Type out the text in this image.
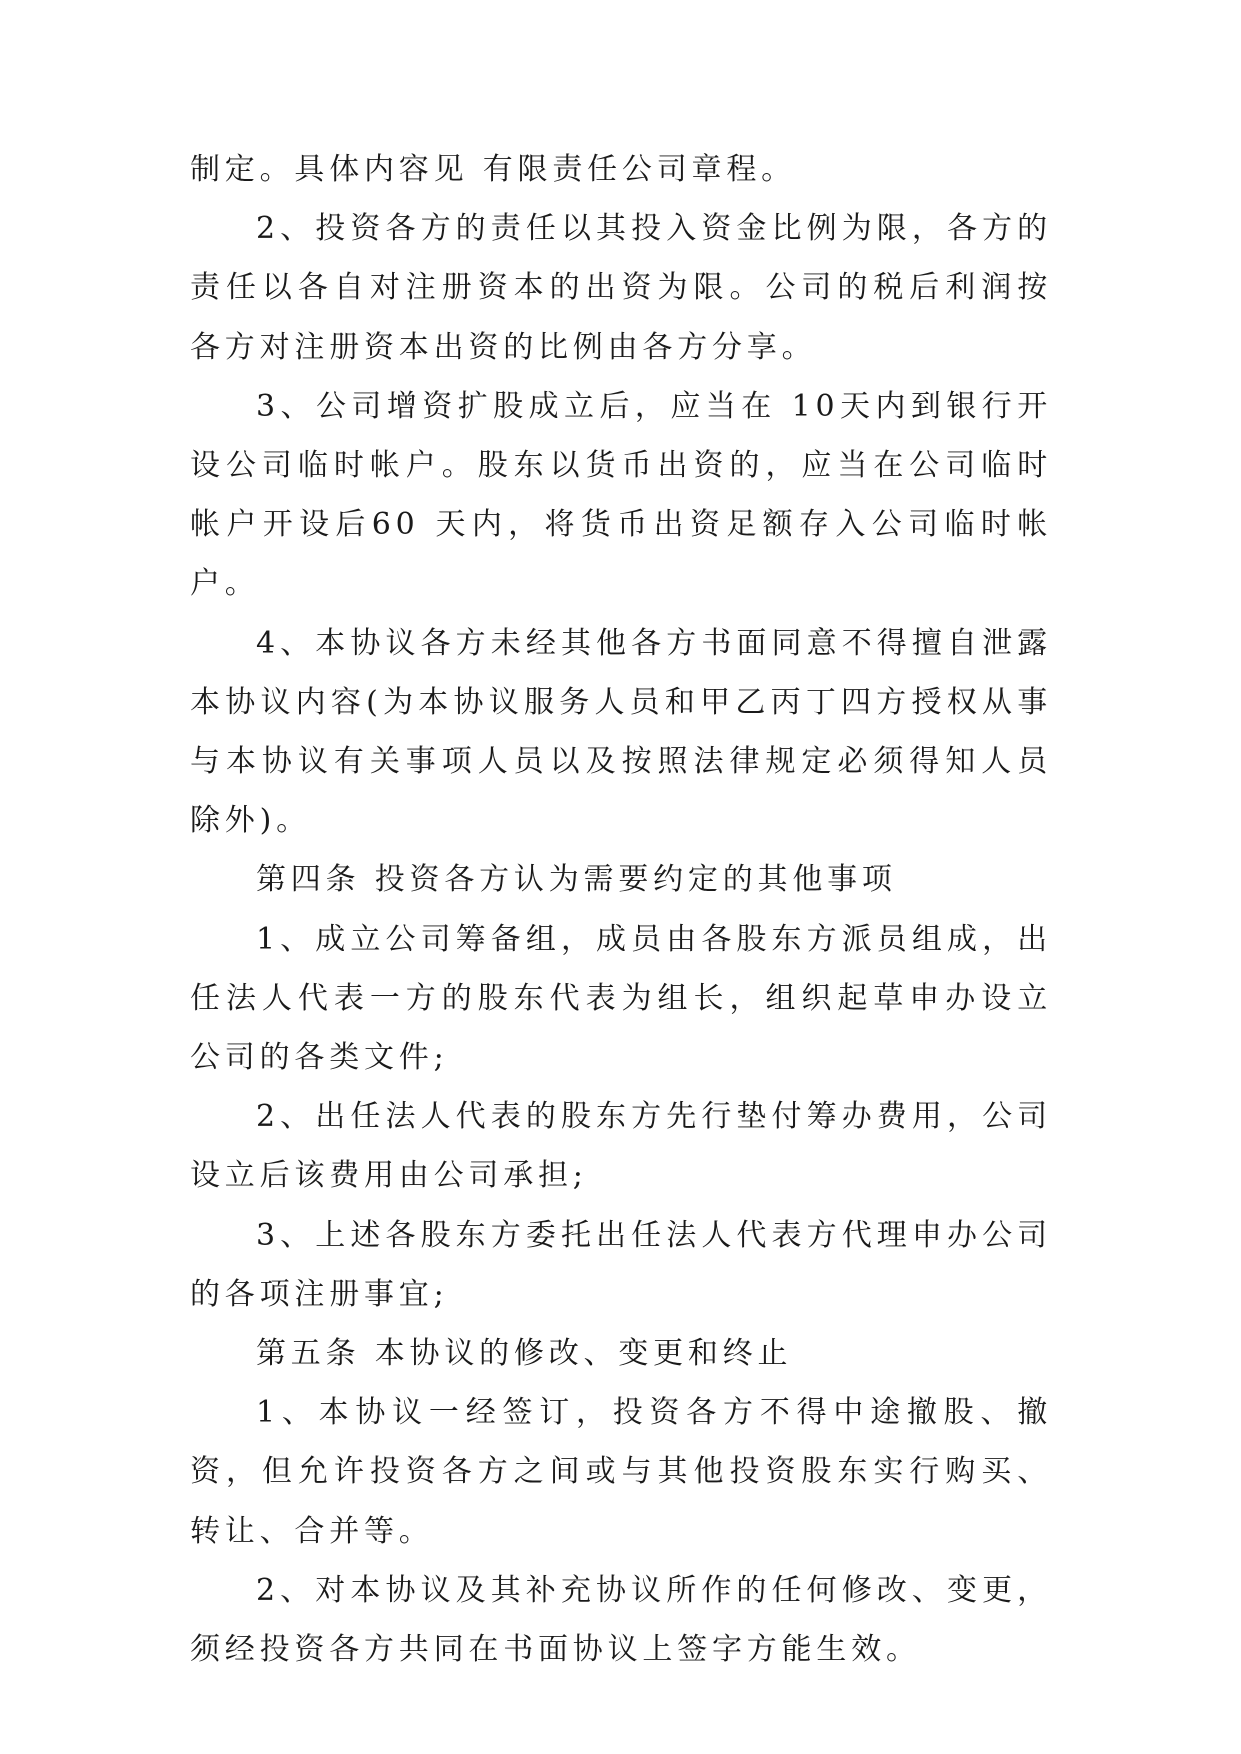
制定。具体内容见 有限责任公司章程。

2、投资各方的责任以其投入资金比例为限，各方的责任以各自对注册资本的出资为限。公司的税后利润按各方对注册资本出资的比例由各方分享。

3、公司增资扩股成立后，应当在 10天内到银行开设公司临时帐户。股东以货币出资的，应当在公司临时帐户开设后60 天内，将货币出资足额存入公司临时帐户。

4、本协议各方未经其他各方书面同意不得擅自泄露本协议内容(为本协议服务人员和甲乙丙丁四方授权从事与本协议有关事项人员以及按照法律规定必须得知人员除外)。

第四条 投资各方认为需要约定的其他事项

1、成立公司筹备组，成员由各股东方派员组成，出任法人代表一方的股东代表为组长，组织起草申办设立公司的各类文件;

2、出任法人代表的股东方先行垫付筹办费用，公司设立后该费用由公司承担;

3、上述各股东方委托出任法人代表方代理申办公司的各项注册事宜;

第五条 本协议的修改、变更和终止

1、本协议一经签订，投资各方不得中途撤股、撤资，但允许投资各方之间或与其他投资股东实行购买、转让、合并等。

2、对本协议及其补充协议所作的任何修改、变更，须经投资各方共同在书面协议上签字方能生效。
